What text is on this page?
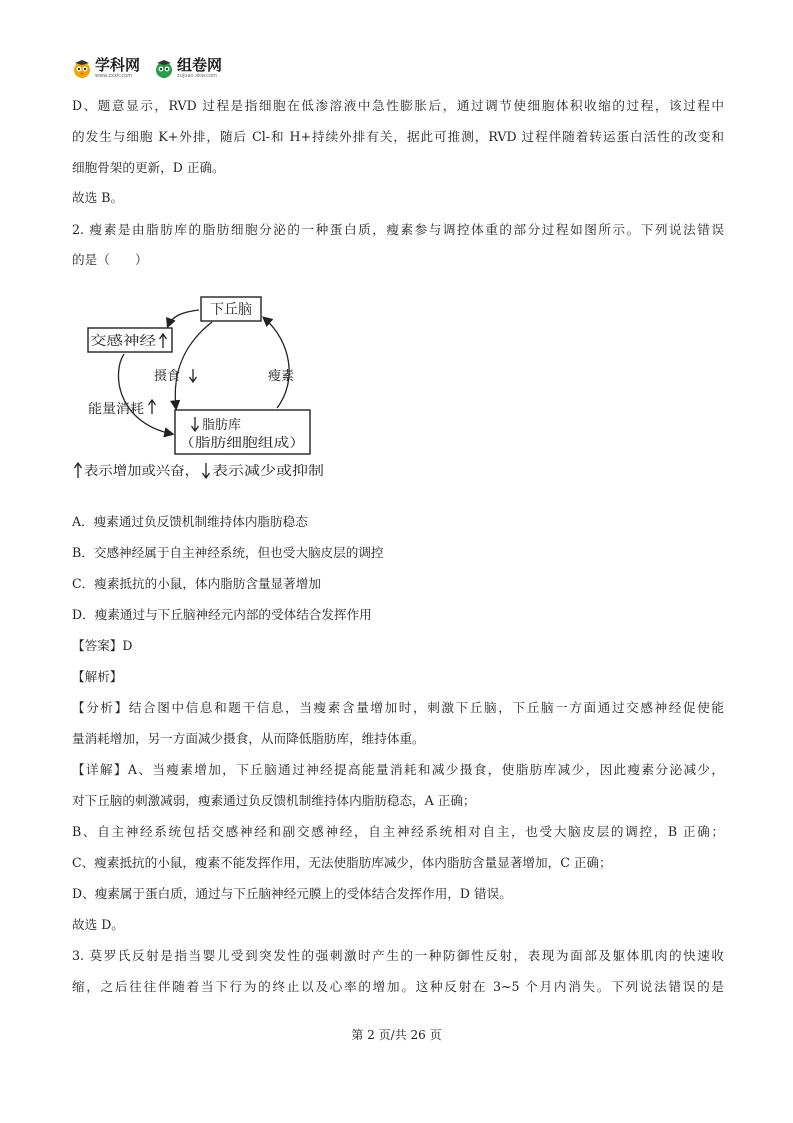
学科网
www.zxxk.com
组卷网
zujuan.xkw.com
D、题意显示，RVD 过程是指细胞在低渗溶液中急性膨胀后，通过调节使细胞体积收缩的过程，该过程中
的发生与细胞 K+外排，随后 Cl-和 H+持续外排有关，据此可推测，RVD 过程伴随着转运蛋白活性的改变和
细胞骨架的更新，D 正确。
故选 B。
2. 瘦素是由脂肪库的脂肪细胞分泌的一种蛋白质，瘦素参与调控体重的部分过程如图所示。下列说法错误
的是（　　）
下丘脑
交感神经
脂肪库
（脂肪细胞组成）
摄食	瘦素
能量消耗
表示增加或兴奋，	表示减少或抑制
A．瘦素通过负反馈机制维持体内脂肪稳态
B．交感神经属于自主神经系统，但也受大脑皮层的调控
C．瘦素抵抗的小鼠，体内脂肪含量显著增加
D．瘦素通过与下丘脑神经元内部的受体结合发挥作用
【答案】D
【解析】
【分析】结合图中信息和题干信息，当瘦素含量增加时，刺激下丘脑，下丘脑一方面通过交感神经促使能
量消耗增加，另一方面减少摄食，从而降低脂肪库，维持体重。
【详解】A、当瘦素增加，下丘脑通过神经提高能量消耗和减少摄食，使脂肪库减少，因此瘦素分泌减少，
对下丘脑的刺激减弱，瘦素通过负反馈机制维持体内脂肪稳态，A 正确；
B、自主神经系统包括交感神经和副交感神经，自主神经系统相对自主，也受大脑皮层的调控，B 正确；
C、瘦素抵抗的小鼠，瘦素不能发挥作用，无法使脂肪库减少，体内脂肪含量显著增加，C 正确；
D、瘦素属于蛋白质，通过与下丘脑神经元膜上的受体结合发挥作用，D 错误。
故选 D。
3. 莫罗氏反射是指当婴儿受到突发性的强刺激时产生的一种防御性反射，表现为面部及躯体肌肉的快速收
缩，之后往往伴随着当下行为的终止以及心率的增加。这种反射在 3~5 个月内消失。下列说法错误的是
第 2 页/共 26 页
